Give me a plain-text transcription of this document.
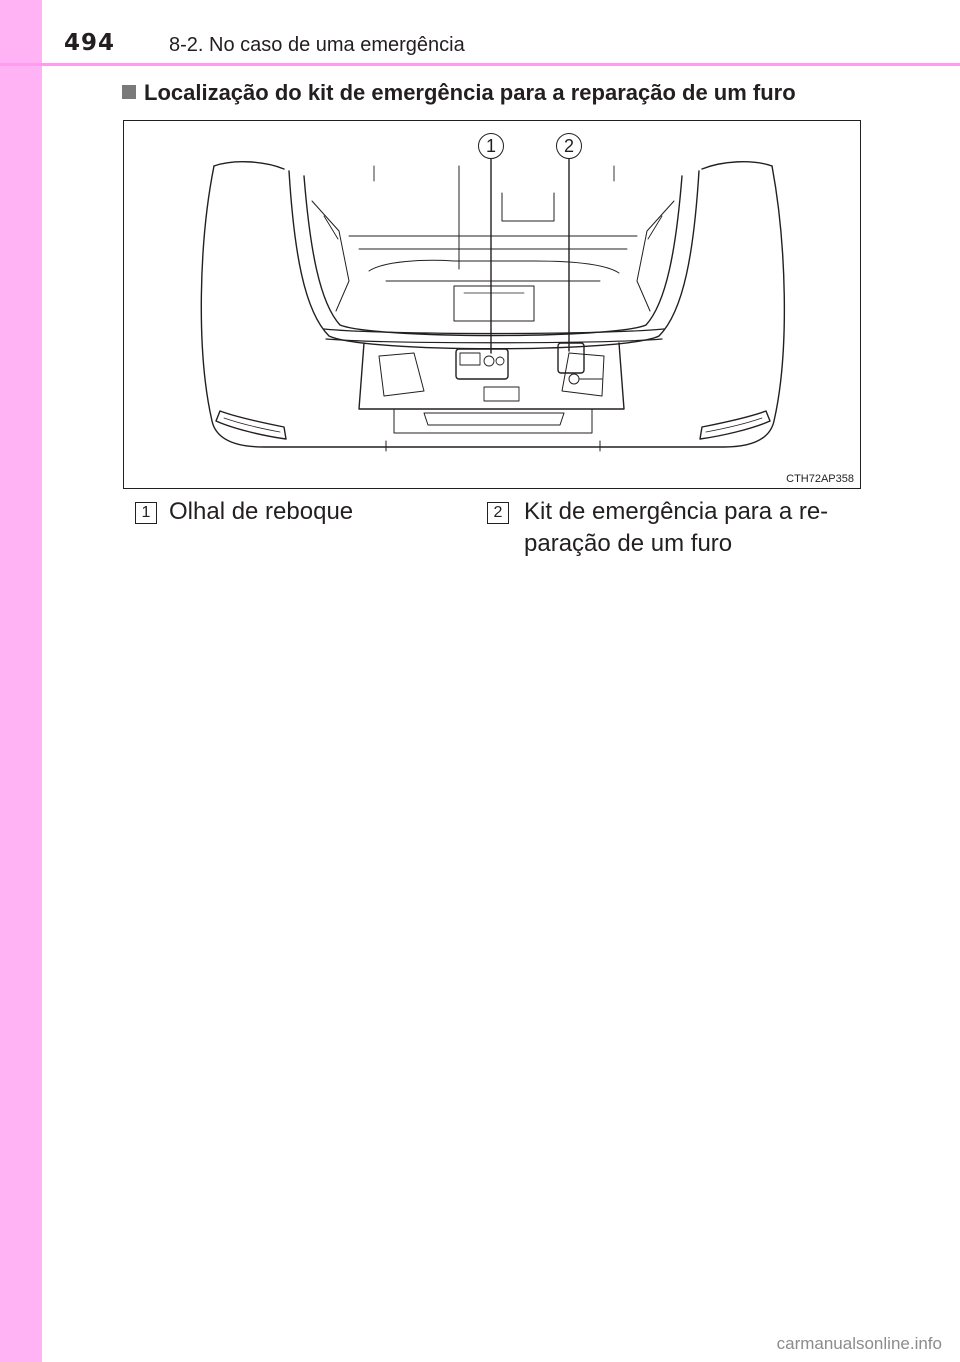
494	8-2. No caso de uma emergência
Localização do kit de emergência para a reparação de um furo
1	2
CTH72AP358
1 Olhal de reboque	2 Kit de emergência para a re-
paração de um furo
carmanualsonline.info
